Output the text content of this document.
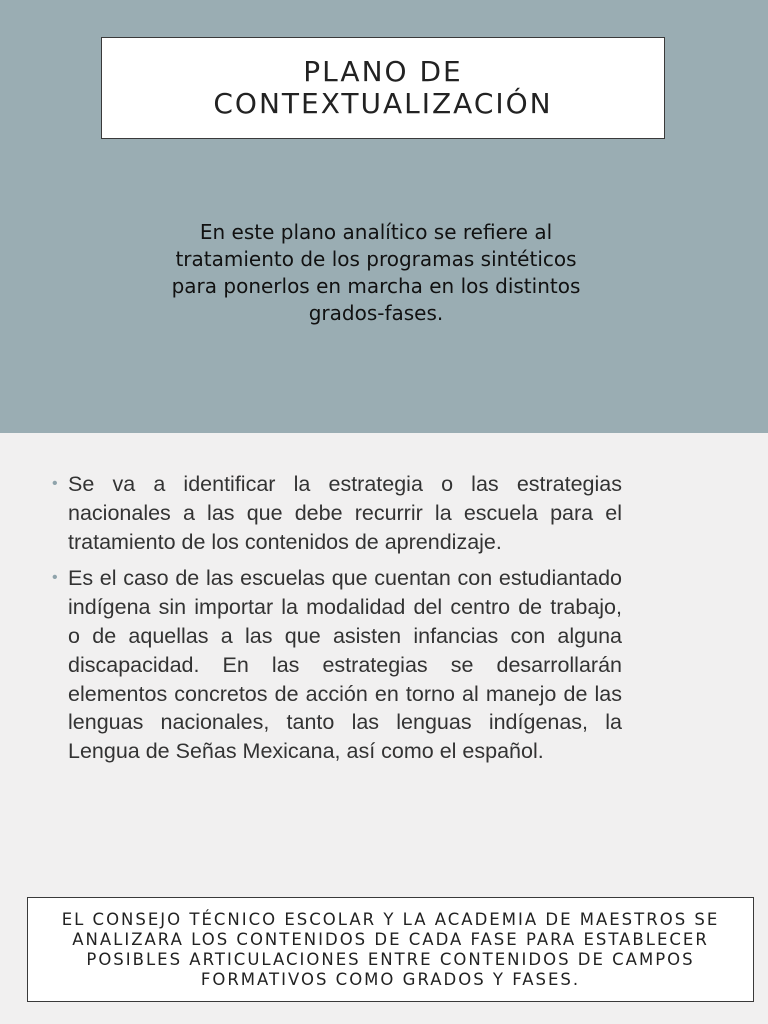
PLANO DE
CONTEXTUALIZACIÓN

En este plano analítico se refiere al tratamiento de los programas sintéticos para ponerlos en marcha en los distintos grados-fases.

• Se va a identificar la estrategia o las estrategias nacionales a las que debe recurrir la escuela para el tratamiento de los contenidos de aprendizaje.
• Es el caso de las escuelas que cuentan con estudiantado indígena sin importar la modalidad del centro de trabajo, o de aquellas a las que asisten infancias con alguna discapacidad. En las estrategias se desarrollarán elementos concretos de acción en torno al manejo de las lenguas nacionales, tanto las lenguas indígenas, la Lengua de Señas Mexicana, así como el español.

EL CONSEJO TÉCNICO ESCOLAR Y LA ACADEMIA DE MAESTROS SE ANALIZARA LOS CONTENIDOS DE CADA FASE PARA ESTABLECER POSIBLES ARTICULACIONES ENTRE CONTENIDOS DE CAMPOS FORMATIVOS COMO GRADOS Y FASES.
